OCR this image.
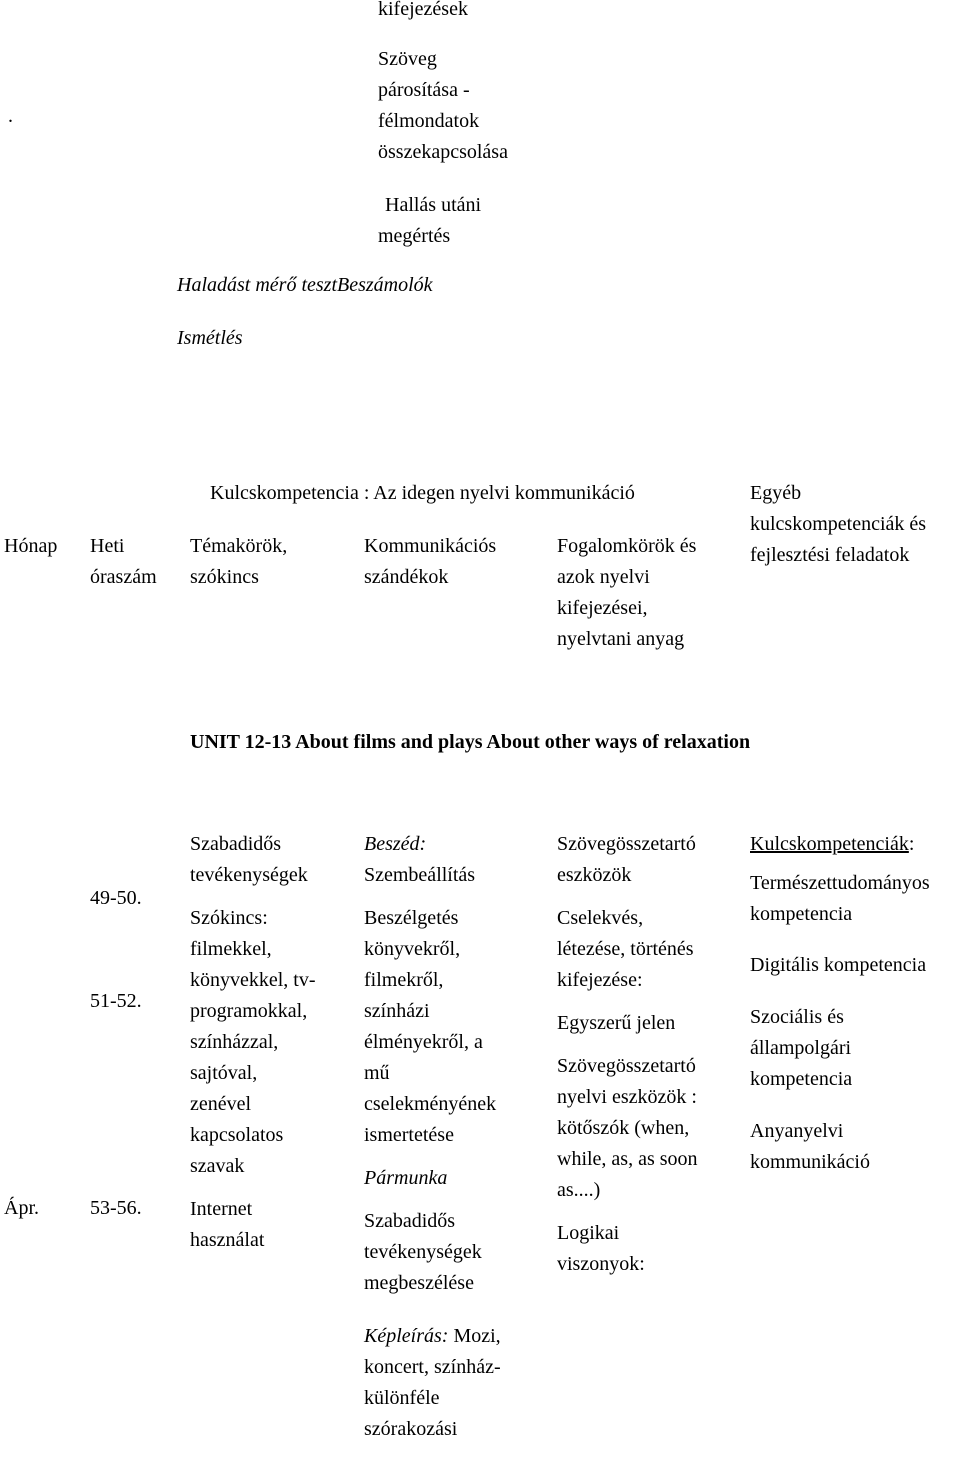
.
kifejezések
Szöveg
párosítása -
félmondatok
összekapcsolása
Hallás utáni
megértés
Haladást mérő tesztBeszámolók
Ismétlés
Kulcskompetencia : Az idegen nyelvi kommunikáció
Hónap Heti
óraszám
Témakörök,
szókincs
Kommunikációs
szándékok
Fogalomkörök és
azok nyelvi
kifejezései,
nyelvtani anyag
Egyéb
kulcskompetenciák és
fejlesztési feladatok
UNIT 12-13 About films and plays About other ways of relaxation
Ápr.
49-50.
51-52.
53-56.
Szabadidős
tevékenységek
Szókincs:
filmekkel,
könyvekkel, tv-
programokkal,
színházzal,
sajtóval,
zenével
kapcsolatos
szavak
Internet
használat
Beszéd:
Szembeállítás
Beszélgetés
könyvekről,
filmekről,
színházi
élményekről, a
mű
cselekményének
ismertetése
Pármunka
Szabadidős
tevékenységek
megbeszélése
Képleírás: Mozi,
koncert, színház-
különféle
szórakozási
Szövegösszetartó
eszközök
Cselekvés,
létezése, történés
kifejezése:
Egyszerű jelen
Szövegösszetartó
nyelvi eszközök :
kötőszók (when,
while, as, as soon
as....)
Logikai
viszonyok:
Kulcskompetenciák:
Természettudományos
kompetencia
Digitális kompetencia
Szociális és
állampolgári
kompetencia
Anyanyelvi
kommunikáció
